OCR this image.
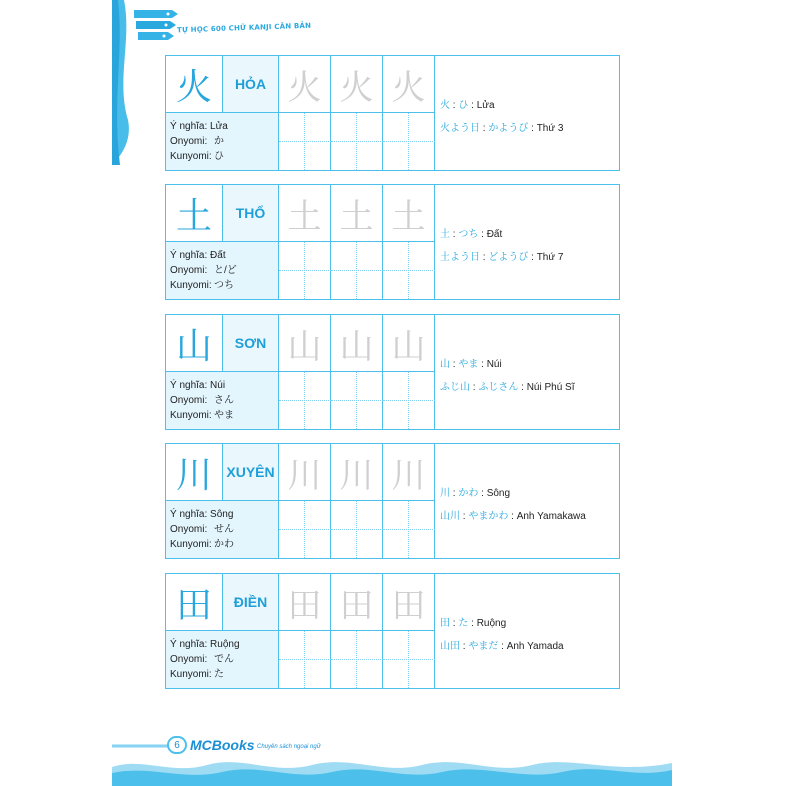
TỰ HỌC 600 CHỮ KANJI CĂN BẢN
火	HỎA 火 火 火
Ý nghĩa: Lửa
Onyomi: か
Kunyomi: ひ
火 : ひ : Lửa
火よう日 : かようび : Thứ 3
土	THỔ 土 土 土
Ý nghĩa: Đất
Onyomi: と/ど
Kunyomi: つち
土 : つち : Đất
土よう日 : どようび : Thứ 7
山	SƠN 山 山 山
Ý nghĩa: Núi
Onyomi: さん
Kunyomi: やま
山 : やま : Núi
ふじ山 : ふじさん : Núi Phú Sĩ
川	XUYÊN 川 川 川
Ý nghĩa: Sông
Onyomi: せん
Kunyomi: かわ
川 : かわ : Sông
山川 : やまかわ : Anh Yamakawa
田	ĐIỀN 田 田 田
Ý nghĩa: Ruộng
Onyomi: でん
Kunyomi: た
田 : た : Ruộng
山田 : やまだ : Anh Yamada
6 MCBooks Chuyên sách ngoại ngữ
